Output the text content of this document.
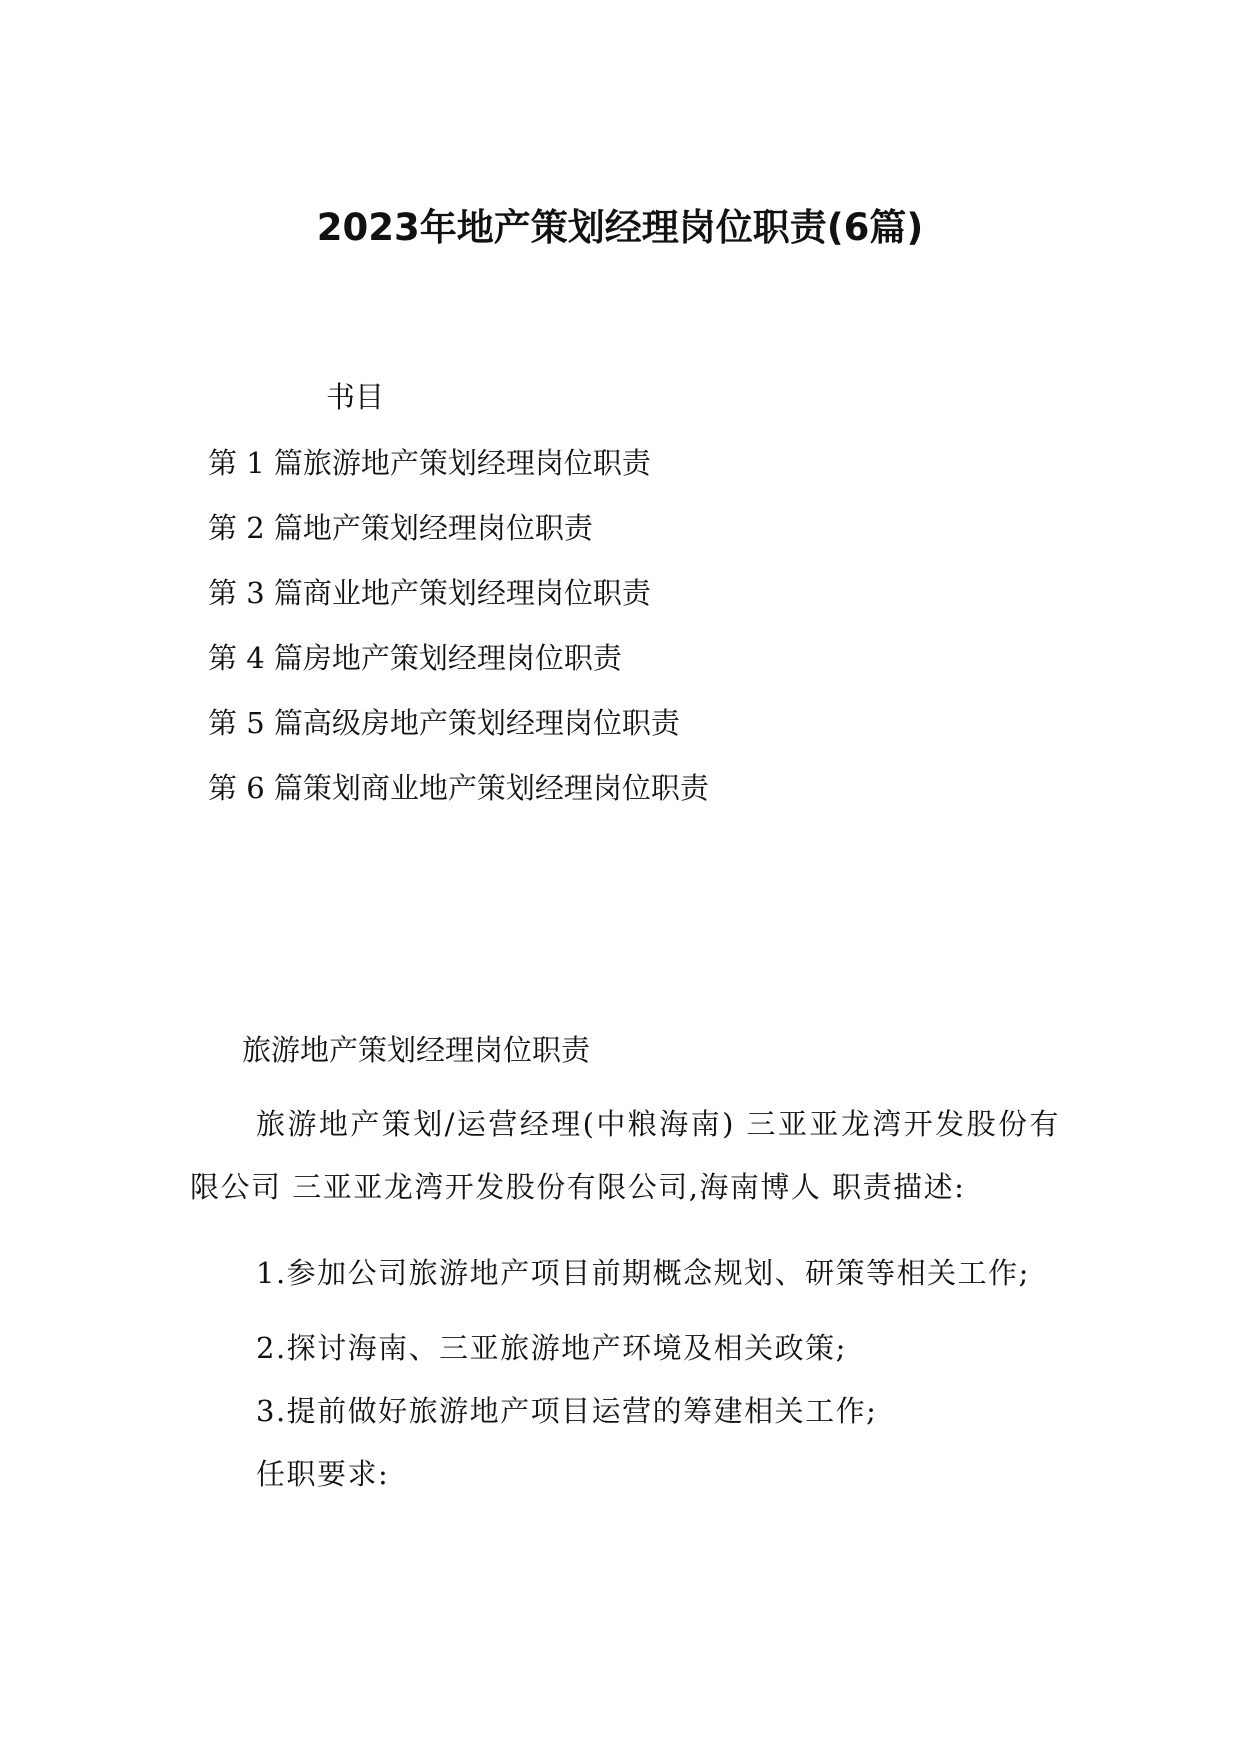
2023年地产策划经理岗位职责(6篇)
书目
第 1 篇旅游地产策划经理岗位职责
第 2 篇地产策划经理岗位职责
第 3 篇商业地产策划经理岗位职责
第 4 篇房地产策划经理岗位职责
第 5 篇高级房地产策划经理岗位职责
第 6 篇策划商业地产策划经理岗位职责
旅游地产策划经理岗位职责

旅游地产策划/运营经理(中粮海南) 三亚亚龙湾开发股份有限公司 三亚亚龙湾开发股份有限公司,海南博人 职责描述:

1.参加公司旅游地产项目前期概念规划、研策等相关工作;

2.探讨海南、三亚旅游地产环境及相关政策;

3.提前做好旅游地产项目运营的筹建相关工作;

任职要求:
